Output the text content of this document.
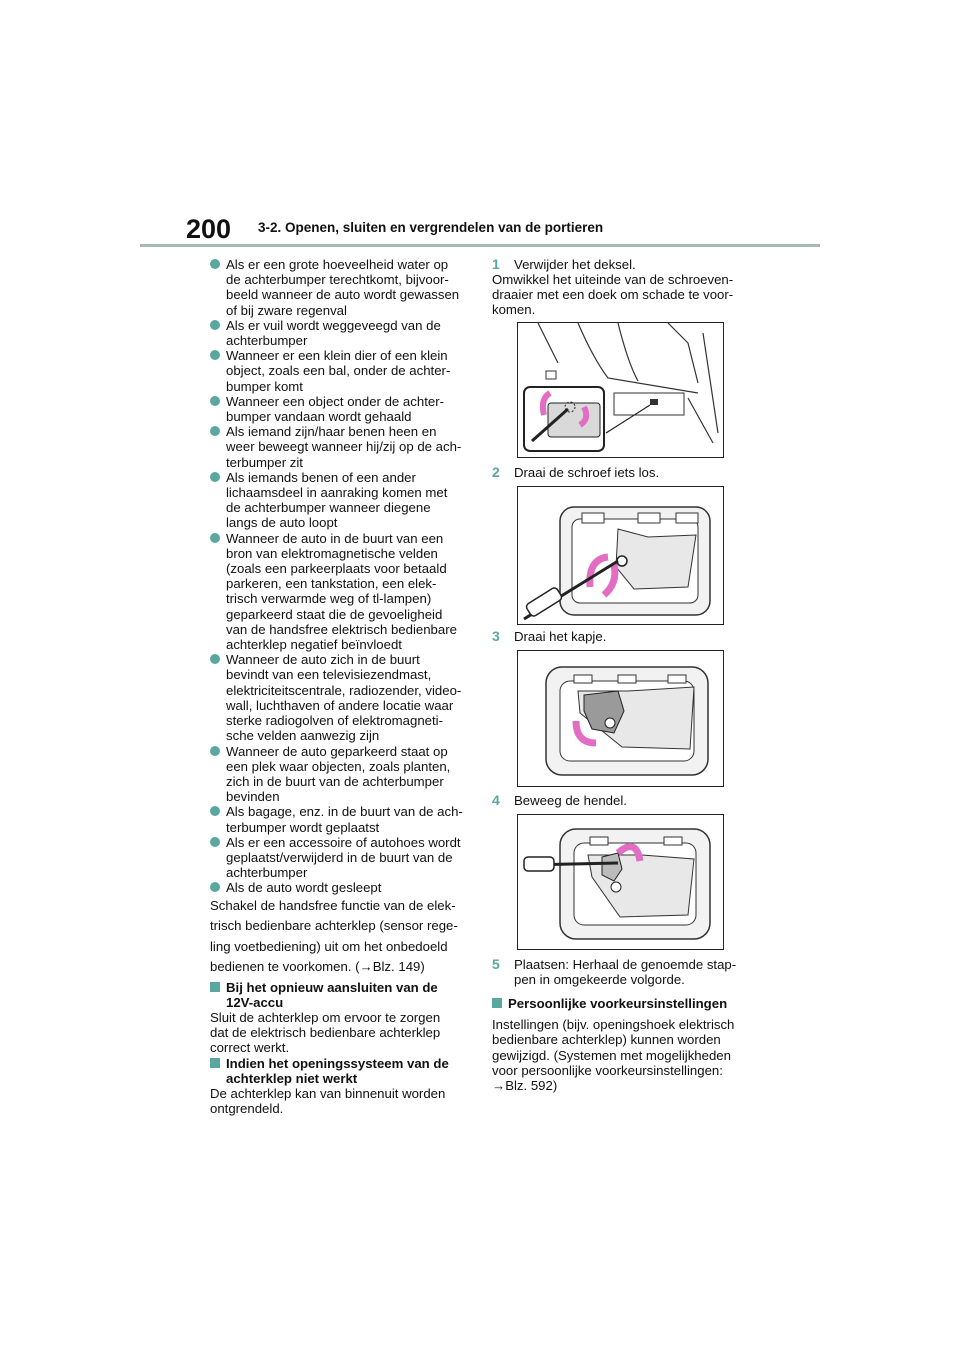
200 3-2. Openen, sluiten en vergrendelen van de portieren
Als er een grote hoeveelheid water op
de achterbumper terechtkomt, bijvoor-
beeld wanneer de auto wordt gewassen
of bij zware regenval
Als er vuil wordt weggeveegd van de
achterbumper
Wanneer er een klein dier of een klein
object, zoals een bal, onder de achter-
bumper komt
Wanneer een object onder de achter-
bumper vandaan wordt gehaald
Als iemand zijn/haar benen heen en
weer beweegt wanneer hij/zij op de ach-
terbumper zit
Als iemands benen of een ander
lichaamsdeel in aanraking komen met
de achterbumper wanneer diegene
langs de auto loopt
Wanneer de auto in de buurt van een
bron van elektromagnetische velden
(zoals een parkeerplaats voor betaald
parkeren, een tankstation, een elek-
trisch verwarmde weg of tl-lampen)
geparkeerd staat die de gevoeligheid
van de handsfree elektrisch bedienbare
achterklep negatief beïnvloedt
Wanneer de auto zich in de buurt
bevindt van een televisiezendmast,
elektriciteitscentrale, radiozender, video-
wall, luchthaven of andere locatie waar
sterke radiogolven of elektromagneti-
sche velden aanwezig zijn
Wanneer de auto geparkeerd staat op
een plek waar objecten, zoals planten,
zich in de buurt van de achterbumper
bevinden
Als bagage, enz. in de buurt van de ach-
terbumper wordt geplaatst
Als er een accessoire of autohoes wordt
geplaatst/verwijderd in de buurt van de
achterbumper
Als de auto wordt gesleept
Schakel de handsfree functie van de elek-
trisch bedienbare achterklep (sensor rege-
ling voetbediening) uit om het onbedoeld
bedienen te voorkomen. (→Blz. 149)
Bij het opnieuw aansluiten van de
12V-accu
Sluit de achterklep om ervoor te zorgen
dat de elektrisch bedienbare achterklep
correct werkt.
Indien het openingssysteem van de
achterklep niet werkt
De achterklep kan van binnenuit worden
ontgrendeld.
1 Verwijder het deksel.
Omwikkel het uiteinde van de schroeven-
draaier met een doek om schade te voor-
komen.
2 Draai de schroef iets los.
3 Draai het kapje.
4 Beweeg de hendel.
5 Plaatsen: Herhaal de genoemde stap-
pen in omgekeerde volgorde.
Persoonlijke voorkeursinstellingen
Instellingen (bijv. openingshoek elektrisch
bedienbare achterklep) kunnen worden
gewijzigd. (Systemen met mogelijkheden
voor persoonlijke voorkeursinstellingen:
→Blz. 592)
